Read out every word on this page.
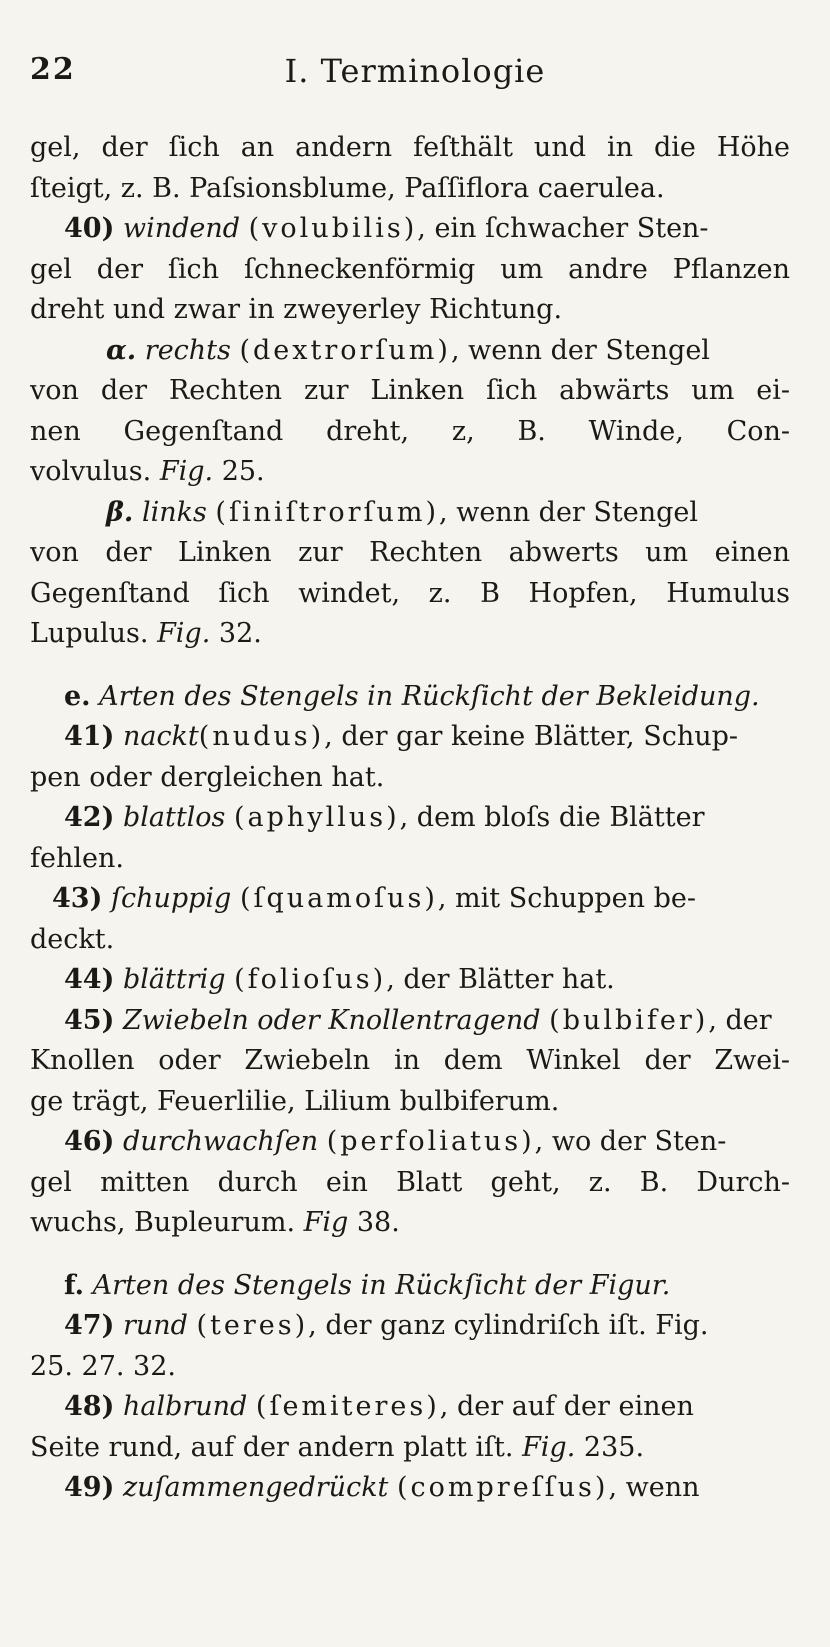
22	I. Terminologie
gel, der ſich an andern feſthält und in die Höhe
ſteigt, z. B. Paſsionsblume, Paſſiflora caerulea.
40) windend (volubilis), ein ſchwacher Sten-
gel der ſich ſchneckenförmig um andre Pflanzen
dreht und zwar in zweyerley Richtung.
α. rechts (dextrorſum), wenn der Stengel
von der Rechten zur Linken ſich abwärts um ei-
nen Gegenſtand dreht, z, B. Winde, Con-
volvulus. Fig. 25.
β. links (ſiniſtrorſum), wenn der Stengel
von der Linken zur Rechten abwerts um einen
Gegenſtand ſich windet, z. B Hopfen, Humulus
Lupulus. Fig. 32.
e. Arten des Stengels in Rückſicht der Bekleidung.
41) nackt(nudus), der gar keine Blätter, Schup-
pen oder dergleichen hat.
42) blattlos (aphyllus), dem bloſs die Blätter
fehlen.
43) ſchuppig (ſquamoſus), mit Schuppen be-
deckt.
44) blättrig (folioſus), der Blätter hat.
45) Zwiebeln oder Knollentragend (bulbifer), der
Knollen oder Zwiebeln in dem Winkel der Zwei-
ge trägt, Feuerlilie, Lilium bulbiferum.
46) durchwachſen (perfoliatus), wo der Sten-
gel mitten durch ein Blatt geht, z. B. Durch-
wuchs, Bupleurum. Fig 38.
f. Arten des Stengels in Rückſicht der Figur.
47) rund (teres), der ganz cylindriſch iſt. Fig.
25. 27. 32.
48) halbrund (ſemiteres), der auf der einen
Seite rund, auf der andern platt iſt. Fig. 235.
49) zuſammengedrückt (compreſſus), wenn
